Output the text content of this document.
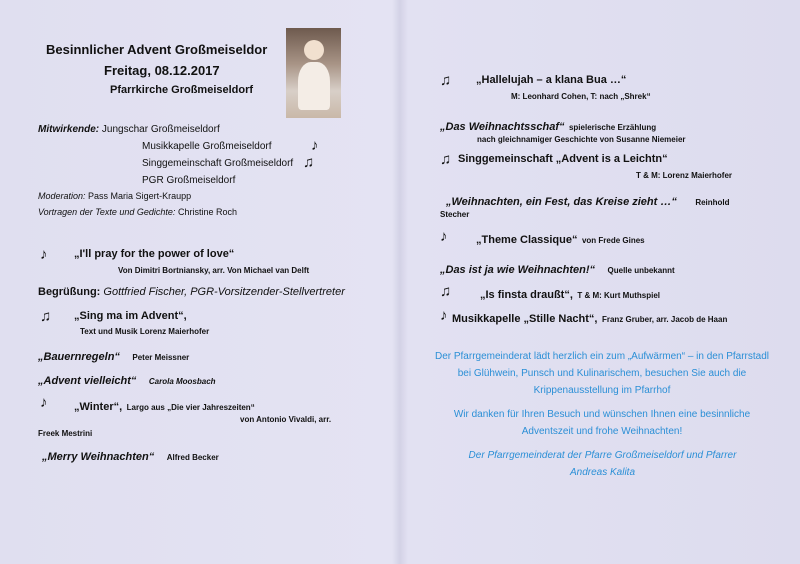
Besinnlicher Advent Großmeiseldor
Freitag, 08.12.2017
Pfarrkirche Großmeiseldorf
Mitwirkende: Jungschar Großmeiseldorf
Musikkapelle Großmeiseldorf	♪
Singgemeinschaft Großmeiseldorf ♫
PGR Großmeiseldorf
Moderation: Pass Maria Sigert-Kraupp
Vortragen der Texte und Gedichte: Christine Roch
♪ „I'll pray for the power of love“
Von Dimitri Bortniansky, arr. Von Michael van Delft
Begrüßung: Gottfried Fischer, PGR-Vorsitzender-Stellvertreter
♫ „Sing ma im Advent“,
Text und Musik Lorenz Maierhofer
„Bauernregeln“ Peter Meissner
„Advent vielleicht“ Carola Moosbach
♪ „Winter“, Largo aus „Die vier Jahreszeiten“
von Antonio Vivaldi, arr.
Freek Mestrini
„Merry Weihnachten“ Alfred Becker
♫ „Hallelujah – a klana Bua …“
M: Leonhard Cohen, T: nach „Shrek“
„Das Weihnachtsschaf“ spielerische Erzählung
nach gleichnamiger Geschichte von Susanne Niemeier
♫ Singgemeinschaft „Advent is a Leichtn“
T & M: Lorenz Maierhofer
„Weihnachten, ein Fest, das Kreise zieht …“ Reinhold
Stecher
♪	„Theme Classique“ von Frede Gines
„Das ist ja wie Weihnachten!“ Quelle unbekannt
♫	„Is finsta draußt“, T & M: Kurt Muthspiel
♪ Musikkapelle „Stille Nacht“, Franz Gruber, arr. Jacob de Haan
Der Pfarrgemeinderat lädt herzlich ein zum „Aufwärmen“ – in den Pfarrstadl bei Glühwein, Punsch und Kulinarischem, besuchen Sie auch die Krippenausstellung im Pfarrhof
Wir danken für Ihren Besuch und wünschen Ihnen eine besinnliche Adventszeit und frohe Weihnachten!
Der Pfarrgemeinderat der Pfarre Großmeiseldorf und Pfarrer Andreas Kalita
